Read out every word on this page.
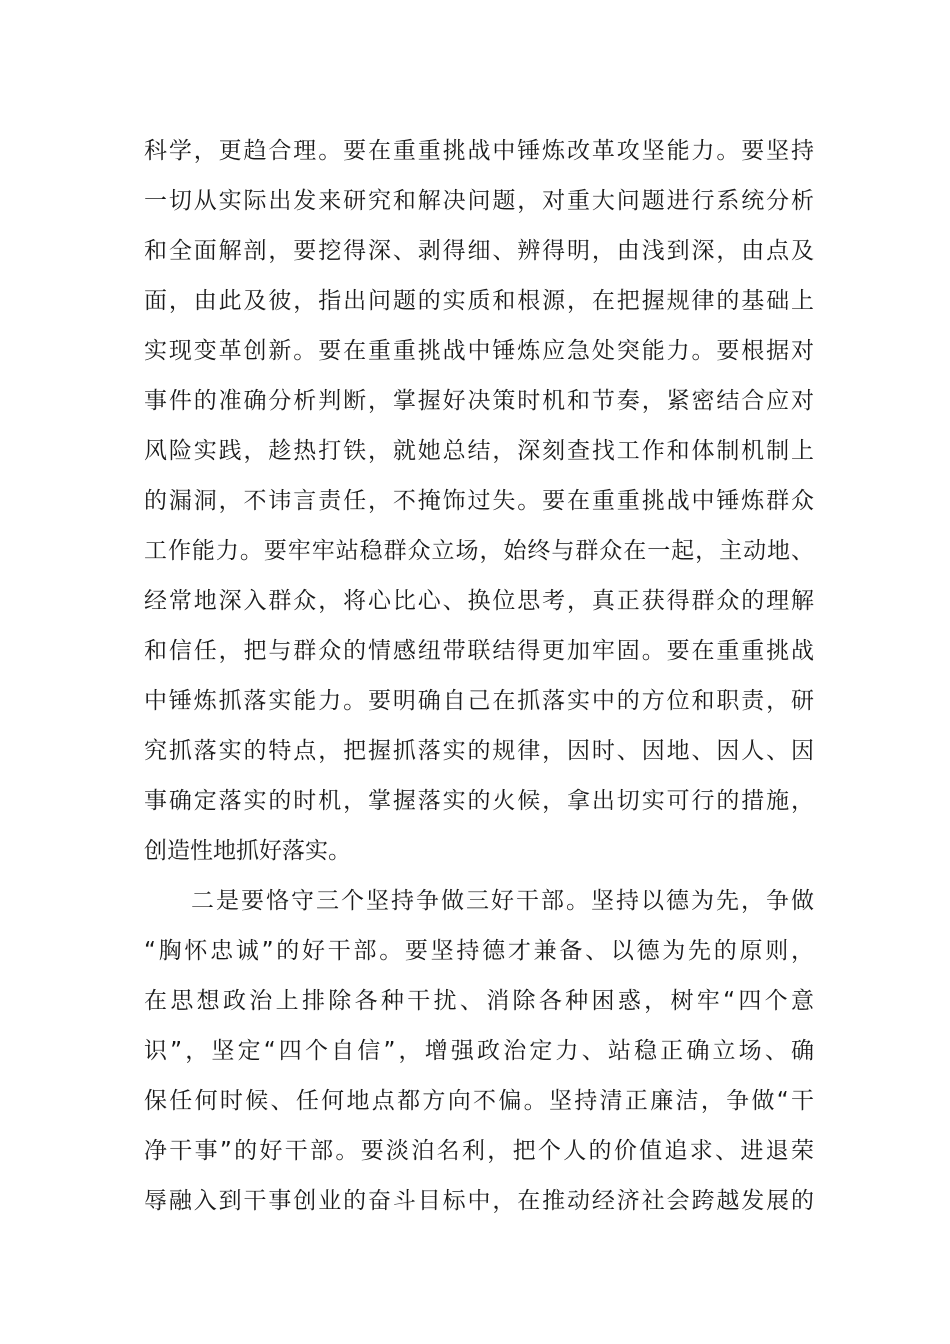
科学，更趋合理。要在重重挑战中锤炼改革攻坚能力。要坚持
一切从实际出发来研究和解决问题，对重大问题进行系统分析
和全面解剖，要挖得深、剥得细、辨得明，由浅到深，由点及
面，由此及彼，指出问题的实质和根源，在把握规律的基础上
实现变革创新。要在重重挑战中锤炼应急处突能力。要根据对
事件的准确分析判断，掌握好决策时机和节奏，紧密结合应对
风险实践，趁热打铁，就她总结，深刻查找工作和体制机制上
的漏洞，不讳言责任，不掩饰过失。要在重重挑战中锤炼群众
工作能力。要牢牢站稳群众立场，始终与群众在一起，主动地、
经常地深入群众，将心比心、换位思考，真正获得群众的理解
和信任，把与群众的情感纽带联结得更加牢固。要在重重挑战
中锤炼抓落实能力。要明确自己在抓落实中的方位和职责，研
究抓落实的特点，把握抓落实的规律，因时、因地、因人、因
事确定落实的时机，掌握落实的火候，拿出切实可行的措施，
创造性地抓好落实。
二是要恪守三个坚持争做三好干部。坚持以德为先，争做
“胸怀忠诚”的好干部。要坚持德才兼备、以德为先的原则，
在思想政治上排除各种干扰、消除各种困惑，树牢“四个意
识”，坚定“四个自信”，增强政治定力、站稳正确立场、确
保任何时候、任何地点都方向不偏。坚持清正廉洁，争做“干
净干事”的好干部。要淡泊名利，把个人的价值追求、进退荣
辱融入到干事创业的奋斗目标中，在推动经济社会跨越发展的
